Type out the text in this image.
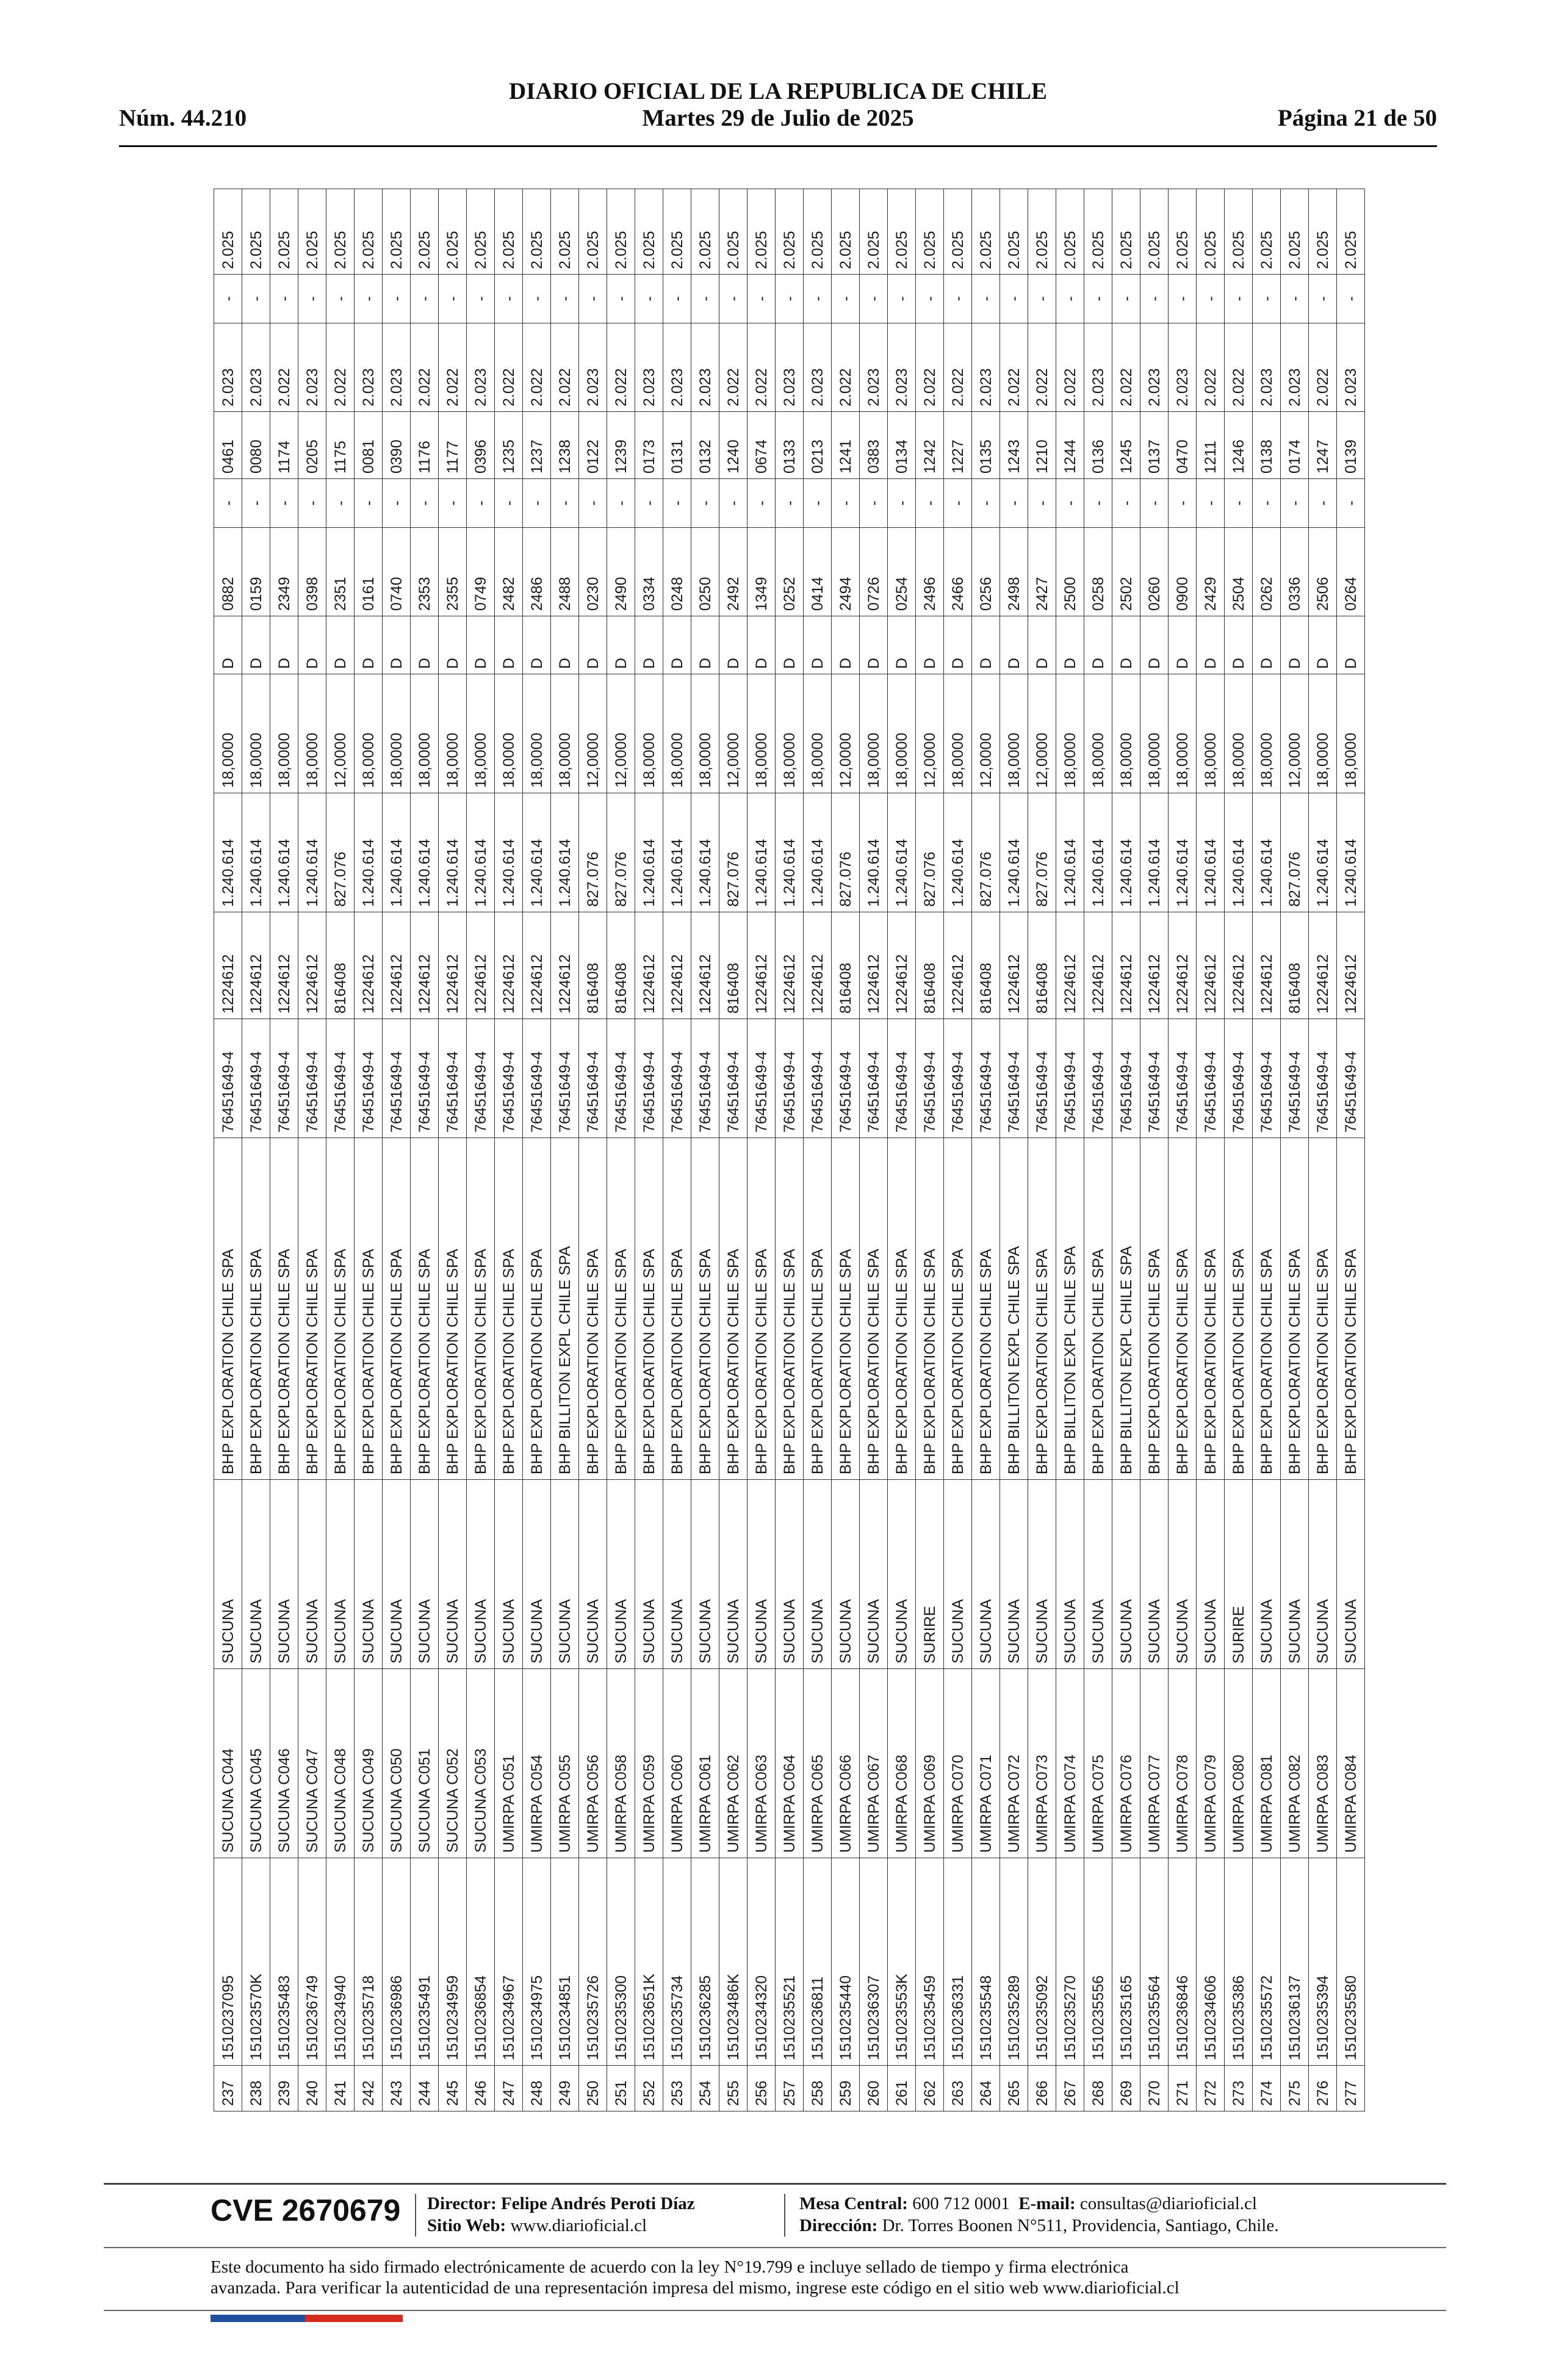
DIARIO OFICIAL DE LA REPUBLICA DE CHILE
Núm. 44.210	Martes 29 de Julio de 2025	Página 21 de 50
237	1510237095	SUCUNA C044	SUCUNA	BHP EXPLORATION CHILE SPA	76451649-4	1224612	1.240.614	18,0000	D	0882	-	0461	2.023	-	2.025
238	151023570K	SUCUNA C045	SUCUNA	BHP EXPLORATION CHILE SPA	76451649-4	1224612	1.240.614	18,0000	D	0159	-	0080	2.023	-	2.025
239	1510235483	SUCUNA C046	SUCUNA	BHP EXPLORATION CHILE SPA	76451649-4	1224612	1.240.614	18,0000	D	2349	-	1174	2.022	-	2.025
240	1510236749	SUCUNA C047	SUCUNA	BHP EXPLORATION CHILE SPA	76451649-4	1224612	1.240.614	18,0000	D	0398	-	0205	2.023	-	2.025
241	1510234940	SUCUNA C048	SUCUNA	BHP EXPLORATION CHILE SPA	76451649-4	816408	827.076	12,0000	D	2351	-	1175	2.022	-	2.025
242	1510235718	SUCUNA C049	SUCUNA	BHP EXPLORATION CHILE SPA	76451649-4	1224612	1.240.614	18,0000	D	0161	-	0081	2.023	-	2.025
243	1510236986	SUCUNA C050	SUCUNA	BHP EXPLORATION CHILE SPA	76451649-4	1224612	1.240.614	18,0000	D	0740	-	0390	2.023	-	2.025
244	1510235491	SUCUNA C051	SUCUNA	BHP EXPLORATION CHILE SPA	76451649-4	1224612	1.240.614	18,0000	D	2353	-	1176	2.022	-	2.025
245	1510234959	SUCUNA C052	SUCUNA	BHP EXPLORATION CHILE SPA	76451649-4	1224612	1.240.614	18,0000	D	2355	-	1177	2.022	-	2.025
246	1510236854	SUCUNA C053	SUCUNA	BHP EXPLORATION CHILE SPA	76451649-4	1224612	1.240.614	18,0000	D	0749	-	0396	2.023	-	2.025
247	1510234967	UMIRPA C051	SUCUNA	BHP EXPLORATION CHILE SPA	76451649-4	1224612	1.240.614	18,0000	D	2482	-	1235	2.022	-	2.025
248	1510234975	UMIRPA C054	SUCUNA	BHP EXPLORATION CHILE SPA	76451649-4	1224612	1.240.614	18,0000	D	2486	-	1237	2.022	-	2.025
249	1510234851	UMIRPA C055	SUCUNA	BHP BILLITON EXPL CHILE SPA	76451649-4	1224612	1.240.614	18,0000	D	2488	-	1238	2.022	-	2.025
250	1510235726	UMIRPA C056	SUCUNA	BHP EXPLORATION CHILE SPA	76451649-4	816408	827.076	12,0000	D	0230	-	0122	2.023	-	2.025
251	1510235300	UMIRPA C058	SUCUNA	BHP EXPLORATION CHILE SPA	76451649-4	816408	827.076	12,0000	D	2490	-	1239	2.022	-	2.025
252	151023651K	UMIRPA C059	SUCUNA	BHP EXPLORATION CHILE SPA	76451649-4	1224612	1.240.614	18,0000	D	0334	-	0173	2.023	-	2.025
253	1510235734	UMIRPA C060	SUCUNA	BHP EXPLORATION CHILE SPA	76451649-4	1224612	1.240.614	18,0000	D	0248	-	0131	2.023	-	2.025
254	1510236285	UMIRPA C061	SUCUNA	BHP EXPLORATION CHILE SPA	76451649-4	1224612	1.240.614	18,0000	D	0250	-	0132	2.023	-	2.025
255	151023486K	UMIRPA C062	SUCUNA	BHP EXPLORATION CHILE SPA	76451649-4	816408	827.076	12,0000	D	2492	-	1240	2.022	-	2.025
256	1510234320	UMIRPA C063	SUCUNA	BHP EXPLORATION CHILE SPA	76451649-4	1224612	1.240.614	18,0000	D	1349	-	0674	2.022	-	2.025
257	1510235521	UMIRPA C064	SUCUNA	BHP EXPLORATION CHILE SPA	76451649-4	1224612	1.240.614	18,0000	D	0252	-	0133	2.023	-	2.025
258	1510236811	UMIRPA C065	SUCUNA	BHP EXPLORATION CHILE SPA	76451649-4	1224612	1.240.614	18,0000	D	0414	-	0213	2.023	-	2.025
259	1510235440	UMIRPA C066	SUCUNA	BHP EXPLORATION CHILE SPA	76451649-4	816408	827.076	12,0000	D	2494	-	1241	2.022	-	2.025
260	1510236307	UMIRPA C067	SUCUNA	BHP EXPLORATION CHILE SPA	76451649-4	1224612	1.240.614	18,0000	D	0726	-	0383	2.023	-	2.025
261	151023553K	UMIRPA C068	SUCUNA	BHP EXPLORATION CHILE SPA	76451649-4	1224612	1.240.614	18,0000	D	0254	-	0134	2.023	-	2.025
262	1510235459	UMIRPA C069	SURIRE	BHP EXPLORATION CHILE SPA	76451649-4	816408	827.076	12,0000	D	2496	-	1242	2.022	-	2.025
263	1510236331	UMIRPA C070	SUCUNA	BHP EXPLORATION CHILE SPA	76451649-4	1224612	1.240.614	18,0000	D	2466	-	1227	2.022	-	2.025
264	1510235548	UMIRPA C071	SUCUNA	BHP EXPLORATION CHILE SPA	76451649-4	816408	827.076	12,0000	D	0256	-	0135	2.023	-	2.025
265	1510235289	UMIRPA C072	SUCUNA	BHP BILLITON EXPL CHILE SPA	76451649-4	1224612	1.240.614	18,0000	D	2498	-	1243	2.022	-	2.025
266	1510235092	UMIRPA C073	SUCUNA	BHP EXPLORATION CHILE SPA	76451649-4	816408	827.076	12,0000	D	2427	-	1210	2.022	-	2.025
267	1510235270	UMIRPA C074	SUCUNA	BHP BILLITON EXPL CHILE SPA	76451649-4	1224612	1.240.614	18,0000	D	2500	-	1244	2.022	-	2.025
268	1510235556	UMIRPA C075	SUCUNA	BHP EXPLORATION CHILE SPA	76451649-4	1224612	1.240.614	18,0000	D	0258	-	0136	2.023	-	2.025
269	1510235165	UMIRPA C076	SUCUNA	BHP BILLITON EXPL CHILE SPA	76451649-4	1224612	1.240.614	18,0000	D	2502	-	1245	2.022	-	2.025
270	1510235564	UMIRPA C077	SUCUNA	BHP EXPLORATION CHILE SPA	76451649-4	1224612	1.240.614	18,0000	D	0260	-	0137	2.023	-	2.025
271	1510236846	UMIRPA C078	SUCUNA	BHP EXPLORATION CHILE SPA	76451649-4	1224612	1.240.614	18,0000	D	0900	-	0470	2.023	-	2.025
272	1510234606	UMIRPA C079	SUCUNA	BHP EXPLORATION CHILE SPA	76451649-4	1224612	1.240.614	18,0000	D	2429	-	1211	2.022	-	2.025
273	1510235386	UMIRPA C080	SURIRE	BHP EXPLORATION CHILE SPA	76451649-4	1224612	1.240.614	18,0000	D	2504	-	1246	2.022	-	2.025
274	1510235572	UMIRPA C081	SUCUNA	BHP EXPLORATION CHILE SPA	76451649-4	1224612	1.240.614	18,0000	D	0262	-	0138	2.023	-	2.025
275	1510236137	UMIRPA C082	SUCUNA	BHP EXPLORATION CHILE SPA	76451649-4	816408	827.076	12,0000	D	0336	-	0174	2.023	-	2.025
276	1510235394	UMIRPA C083	SUCUNA	BHP EXPLORATION CHILE SPA	76451649-4	1224612	1.240.614	18,0000	D	2506	-	1247	2.022	-	2.025
277	1510235580	UMIRPA C084	SUCUNA	BHP EXPLORATION CHILE SPA	76451649-4	1224612	1.240.614	18,0000	D	0264	-	0139	2.023	-	2.025
CVE 2670679 Director: Felipe Andrés Peroti Díaz
Sitio Web: www.diarioficial.cl
Mesa Central: 600 712 0001 E-mail: consultas@diarioficial.cl
Dirección: Dr. Torres Boonen N°511, Providencia, Santiago, Chile.
Este documento ha sido firmado electrónicamente de acuerdo con la ley N°19.799 e incluye sellado de tiempo y firma electrónica
avanzada. Para verificar la autenticidad de una representación impresa del mismo, ingrese este código en el sitio web www.diarioficial.cl
